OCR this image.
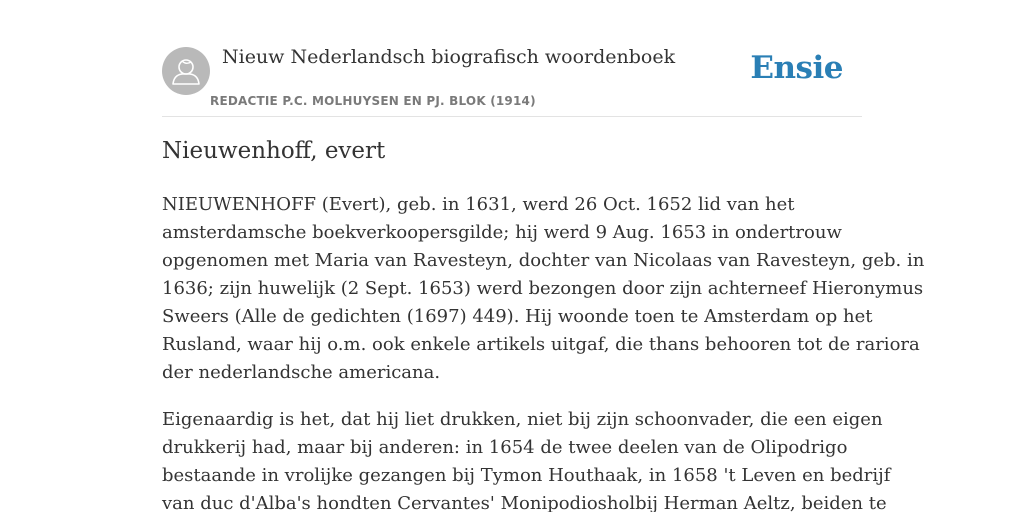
Nieuw Nederlandsch biografisch woordenboek
REDACTIE P.C. MOLHUYSEN EN PJ. BLOK (1914)
Ensie
Nieuwenhoff, evert

NIEUWENHOFF (Evert), geb. in 1631, werd 26 Oct. 1652 lid van het
amsterdamsche boekverkoopersgilde; hij werd 9 Aug. 1653 in ondertrouw
opgenomen met Maria van Ravesteyn, dochter van Nicolaas van Ravesteyn, geb. in
1636; zijn huwelijk (2 Sept. 1653) werd bezongen door zijn achterneef Hieronymus
Sweers (Alle de gedichten (1697) 449). Hij woonde toen te Amsterdam op het
Rusland, waar hij o.m. ook enkele artikels uitgaf, die thans behooren tot de rariora
der nederlandsche americana.

Eigenaardig is het, dat hij liet drukken, niet bij zijn schoonvader, die een eigen
drukkerij had, maar bij anderen: in 1654 de twee deelen van de Olipodrigo
bestaande in vrolijke gezangen bij Tymon Houthaak, in 1658 't Leven en bedrijf
van duc d'Alba's hondten Cervantes' Monipodiosholbij Herman Aeltz, beiden te
